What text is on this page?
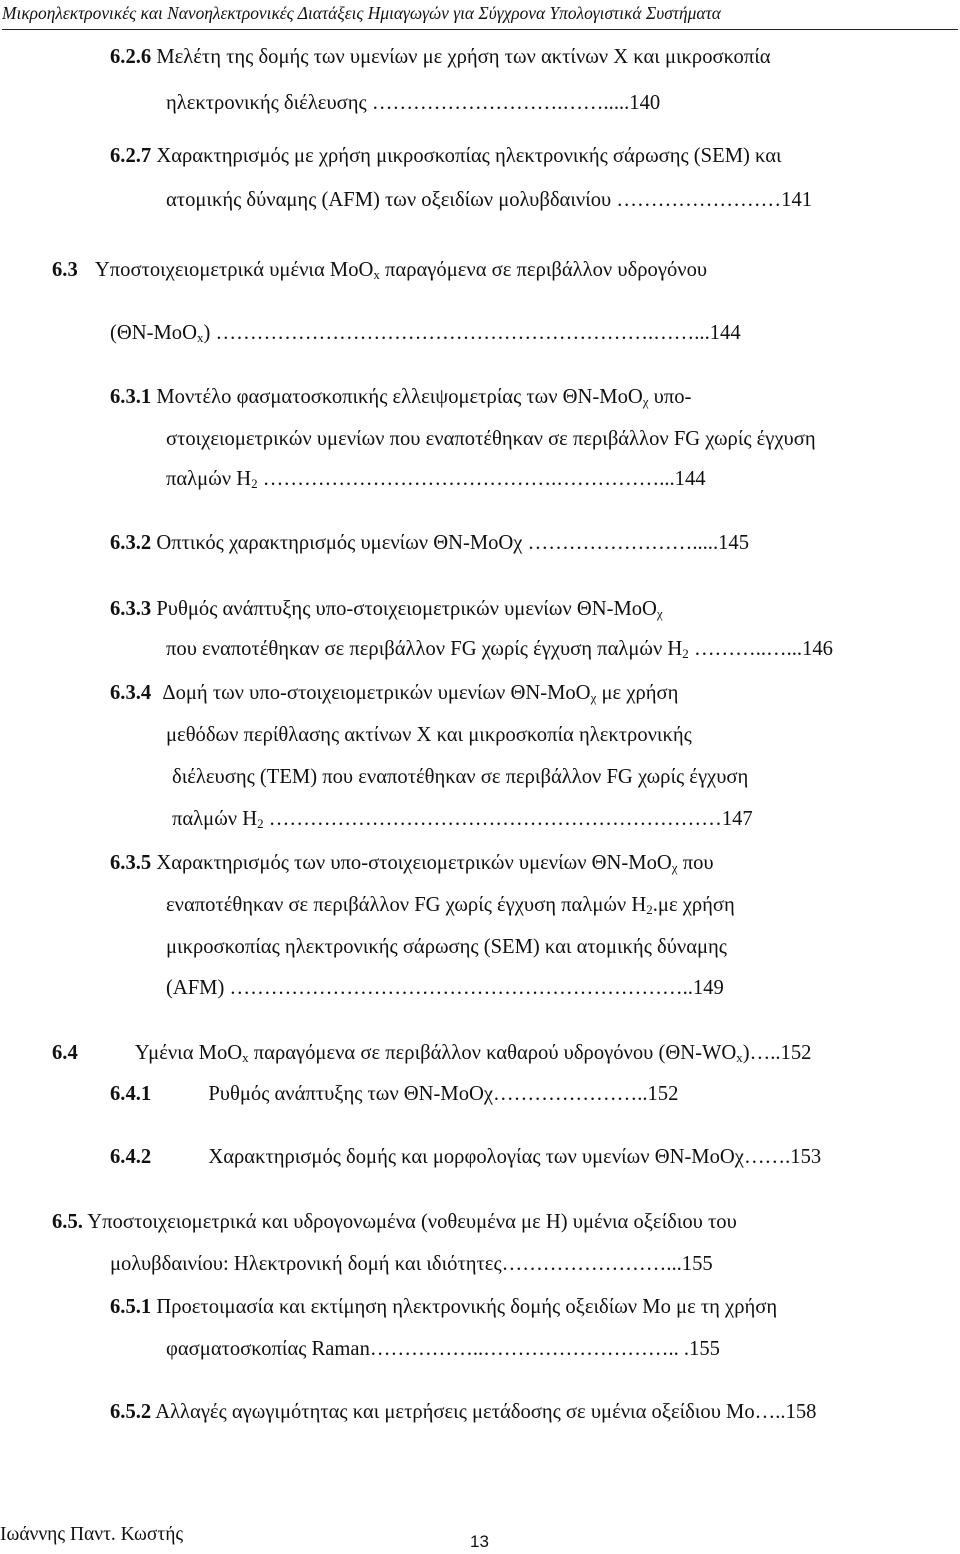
Μικροηλεκτρονικές και Νανοηλεκτρονικές Διατάξεις Ημιαγωγών για Σύγχρονα Υπολογιστικά Συστήματα
6.2.6 Μελέτη της δομής των υμενίων με χρήση των ακτίνων Χ και μικροσκοπία
ηλεκτρονικής διέλευσης ……………………….…….....140
6.2.7 Χαρακτηρισμός με χρήση μικροσκοπίας ηλεκτρονικής σάρωσης (SEM) και
ατομικής δύναμης (AFM) των οξειδίων μολυβδαινίου ……………………141
6.3 Υποστοιχειομετρικά υμένια MoO$_x$ παραγόμενα σε περιβάλλον υδρογόνου
(ΘΝ-MoO$_x$) ……………………………………………………….……...144
6.3.1 Μοντέλο φασματοσκοπικής ελλειψομετρίας των ΘΝ-MoO$_\chi$ υπο-
στοιχειομετρικών υμενίων που εναποτέθηκαν σε περιβάλλον FG χωρίς έγχυση
παλμών $H_2$ …………………………………….……………...144
6.3.2 Οπτικός χαρακτηρισμός υμενίων ΘΝ-MoOχ …………………….....145
6.3.3 Ρυθμός ανάπτυξης υπο-στοιχειομετρικών υμενίων ΘΝ-MoO$_\chi$
που εναποτέθηκαν σε περιβάλλον FG χωρίς έγχυση παλμών $H_2$ ………..…...146
6.3.4 Δομή των υπο-στοιχειομετρικών υμενίων ΘΝ-MoO$_\chi$ με χρήση
μεθόδων περίθλασης ακτίνων Χ και μικροσκοπία ηλεκτρονικής
διέλευσης (TEM) που εναποτέθηκαν σε περιβάλλον FG χωρίς έγχυση
παλμών $H_2$ …………………………………………………………147
6.3.5 Χαρακτηρισμός των υπο-στοιχειομετρικών υμενίων ΘΝ-MoO$_\chi$ που
εναποτέθηκαν σε περιβάλλον FG χωρίς έγχυση παλμών $H_2.\mu\varepsilon$ χρήση
μικροσκοπίας ηλεκτρονικής σάρωσης (SEM) και ατομικής δύναμης
(AFM) …………………………………………………………..149
6.4	Υμένια MoO$_x$ παραγόμενα σε περιβάλλον καθαρού υδρογόνου $(\Theta N-WO_x)\dots..152$
6.4.1	Ρυθμός ανάπτυξης των ΘΝ-MoOχ…………………..152
6.4.2	Χαρακτηρισμός δομής και μορφολογίας των υμενίων ΘΝ-MoOχ…….153
6.5. Υποστοιχειομετρικά και υδρογονωμένα (νοθευμένα με Η) υμένια οξείδιου του
μολυβδαινίου: Ηλεκτρονική δομή και ιδιότητες……………………...155
6.5.1 Προετοιμασία και εκτίμηση ηλεκτρονικής δομής οξειδίων Mo με τη χρήση
φασματοσκοπίας Raman……………..……………………….. .155
6.5.2 Αλλαγές αγωγιμότητας και μετρήσεις μετάδοσης σε υμένια οξείδιου Mo…..158
Ιωάννης Παντ. Κωστής	13
